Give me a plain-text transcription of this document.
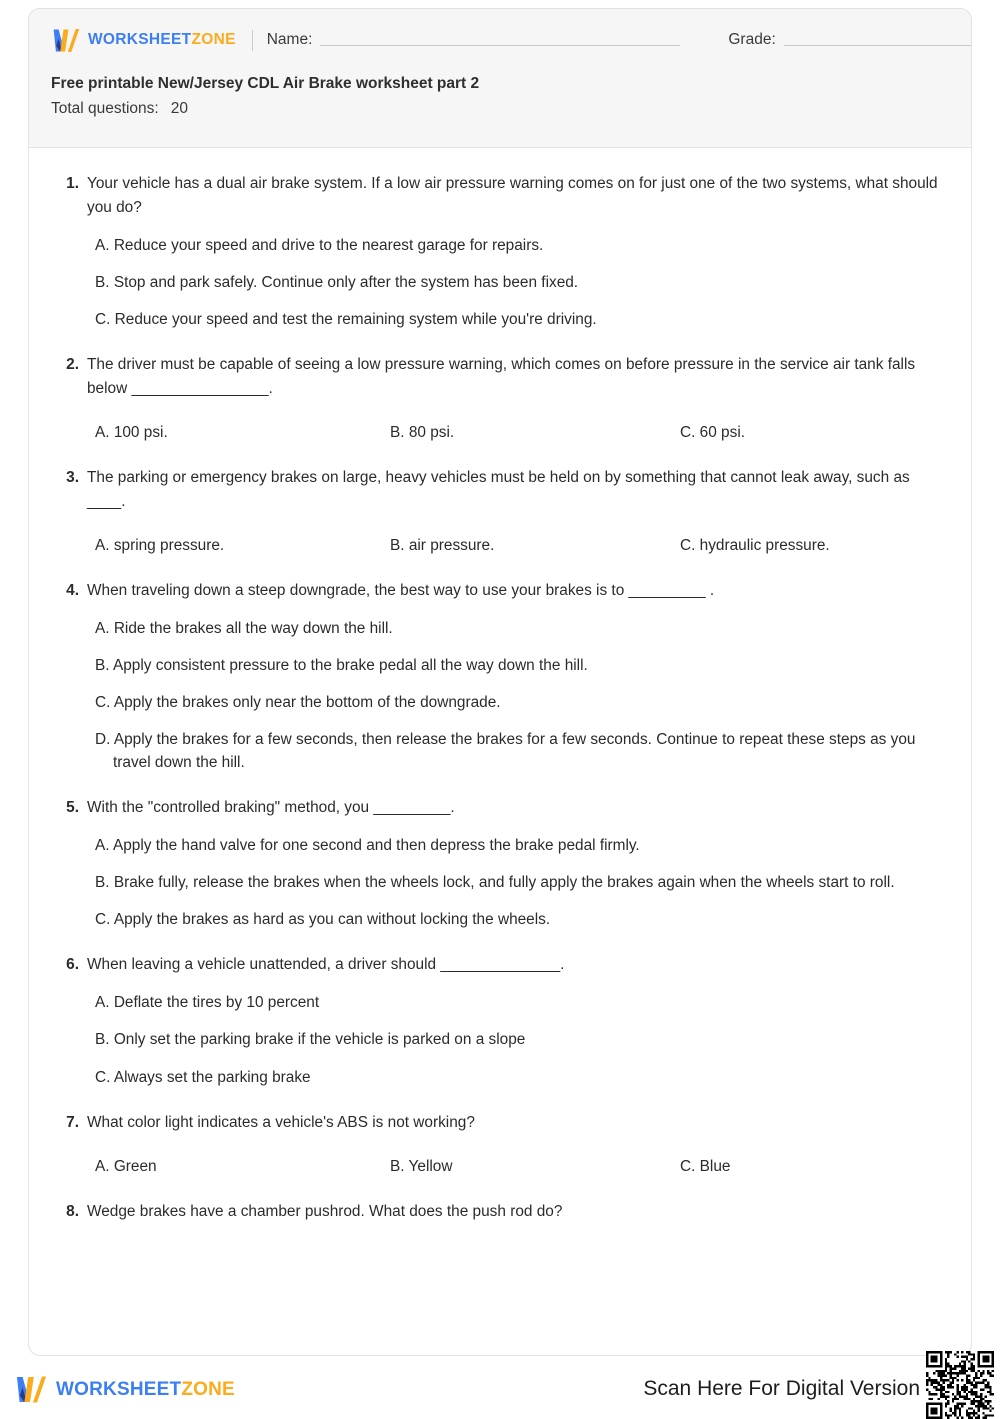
WORKSHEETZONE Name:	Grade:
Free printable New/Jersey CDL Air Brake worksheet part 2
Total questions: 20
1. Your vehicle has a dual air brake system. If a low air pressure warning comes on for just one of the two systems, what should you do?
A. Reduce your speed and drive to the nearest garage for repairs.
B. Stop and park safely. Continue only after the system has been fixed.
C. Reduce your speed and test the remaining system while you're driving.
2. The driver must be capable of seeing a low pressure warning, which comes on before pressure in the service air tank falls below ________________.
A. 100 psi.	B. 80 psi.	C. 60 psi.
3. The parking or emergency brakes on large, heavy vehicles must be held on by something that cannot leak away, such as ____.
A. spring pressure.	B. air pressure.	C. hydraulic pressure.
4. When traveling down a steep downgrade, the best way to use your brakes is to _________ .
A. Ride the brakes all the way down the hill.
B. Apply consistent pressure to the brake pedal all the way down the hill.
C. Apply the brakes only near the bottom of the downgrade.
D. Apply the brakes for a few seconds, then release the brakes for a few seconds. Continue to repeat these steps as you travel down the hill.
5. With the "controlled braking" method, you _________.
A. Apply the hand valve for one second and then depress the brake pedal firmly.
B. Brake fully, release the brakes when the wheels lock, and fully apply the brakes again when the wheels start to roll.
C. Apply the brakes as hard as you can without locking the wheels.
6. When leaving a vehicle unattended, a driver should ______________.
A. Deflate the tires by 10 percent
B. Only set the parking brake if the vehicle is parked on a slope
C. Always set the parking brake
7. What color light indicates a vehicle's ABS is not working?
A. Green	B. Yellow	C. Blue
8. Wedge brakes have a chamber pushrod. What does the push rod do?
WORKSHEETZONE	Scan Here For Digital Version
